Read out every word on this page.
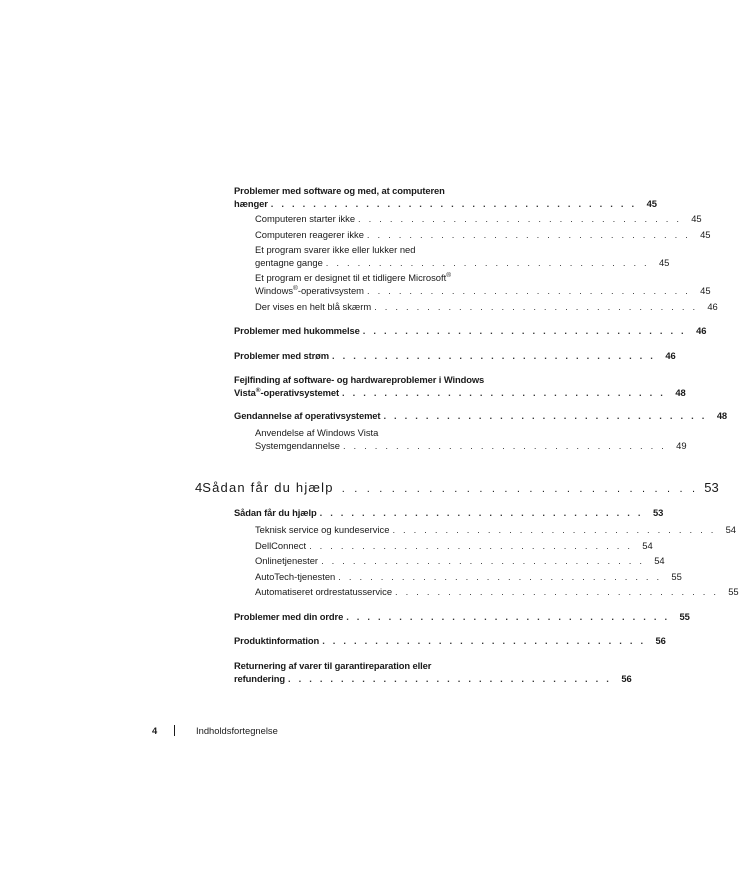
Problemer med software og med, at computeren
hænger . . . . . . . . . . . . . . . . . . . . . . . . . . . . . . . . . . .	45
Computeren starter ikke . . . . . . . . . . . . . . . . . . . . . . . . . . . . . . .	45
Computeren reagerer ikke . . . . . . . . . . . . . . . . . . . . . . . . . . . . . . .	45
Et program svarer ikke eller lukker ned
gentagne gange . . . . . . . . . . . . . . . . . . . . . . . . . . . . . . .	45
Et program er designet til et tidligere Microsoft®
Windows®-operativsystem . . . . . . . . . . . . . . . . . . . . . . . . . . . . . . .	45
Der vises en helt blå skærm . . . . . . . . . . . . . . . . . . . . . . . . . . . . . . .	46
Problemer med hukommelse . . . . . . . . . . . . . . . . . . . . . . . . . . . . . . .	46
Problemer med strøm . . . . . . . . . . . . . . . . . . . . . . . . . . . . . . .	46
Fejlfinding af software- og hardwareproblemer i Windows
Vista®-operativsystemet . . . . . . . . . . . . . . . . . . . . . . . . . . . . . . .	48
Gendannelse af operativsystemet . . . . . . . . . . . . . . . . . . . . . . . . . . . . . . .	48
Anvendelse af Windows Vista
Systemgendannelse . . . . . . . . . . . . . . . . . . . . . . . . . . . . . . .	49
4 Sådan får du hjælp . . . . . . . . . . . . . . . . . . . . . . . . . . . . . 53
Sådan får du hjælp . . . . . . . . . . . . . . . . . . . . . . . . . . . . . . .	53
Teknisk service og kundeservice . . . . . . . . . . . . . . . . . . . . . . . . . . . . . . .	54
DellConnect . . . . . . . . . . . . . . . . . . . . . . . . . . . . . . .	54
Onlinetjenester . . . . . . . . . . . . . . . . . . . . . . . . . . . . . . .	54
AutoTech-tjenesten . . . . . . . . . . . . . . . . . . . . . . . . . . . . . . .	55
Automatiseret ordrestatusservice . . . . . . . . . . . . . . . . . . . . . . . . . . . . . . .	55
Problemer med din ordre . . . . . . . . . . . . . . . . . . . . . . . . . . . . . . .	55
Produktinformation . . . . . . . . . . . . . . . . . . . . . . . . . . . . . . .	56
Returnering af varer til garantireparation eller
refundering . . . . . . . . . . . . . . . . . . . . . . . . . . . . . . .	56
4	Indholdsfortegnelse
